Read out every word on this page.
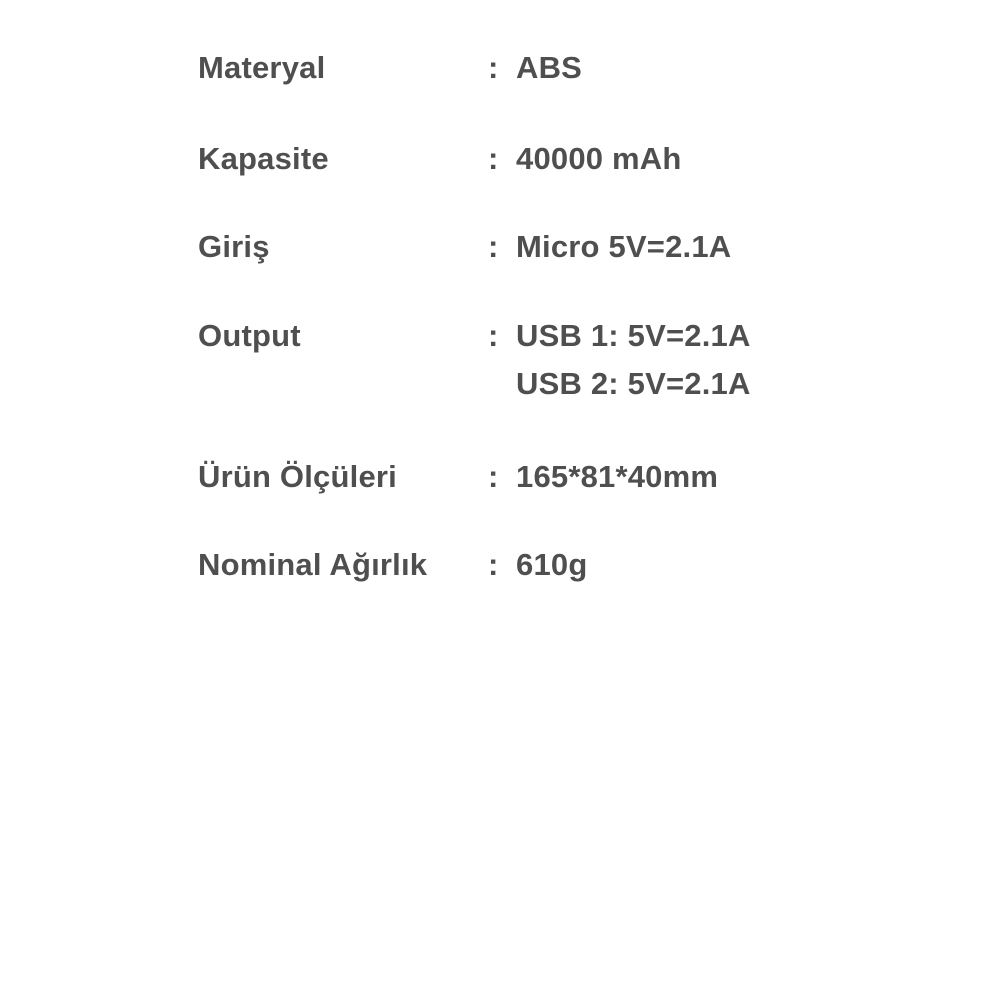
Materyal	: ABS
Kapasite	: 40000 mAh
Giriş	: Micro 5V=2.1A
Output	: USB 1: 5V=2.1A
USB 2: 5V=2.1A
Ürün Ölçüleri	: 165*81*40mm
Nominal Ağırlık	: 610g
